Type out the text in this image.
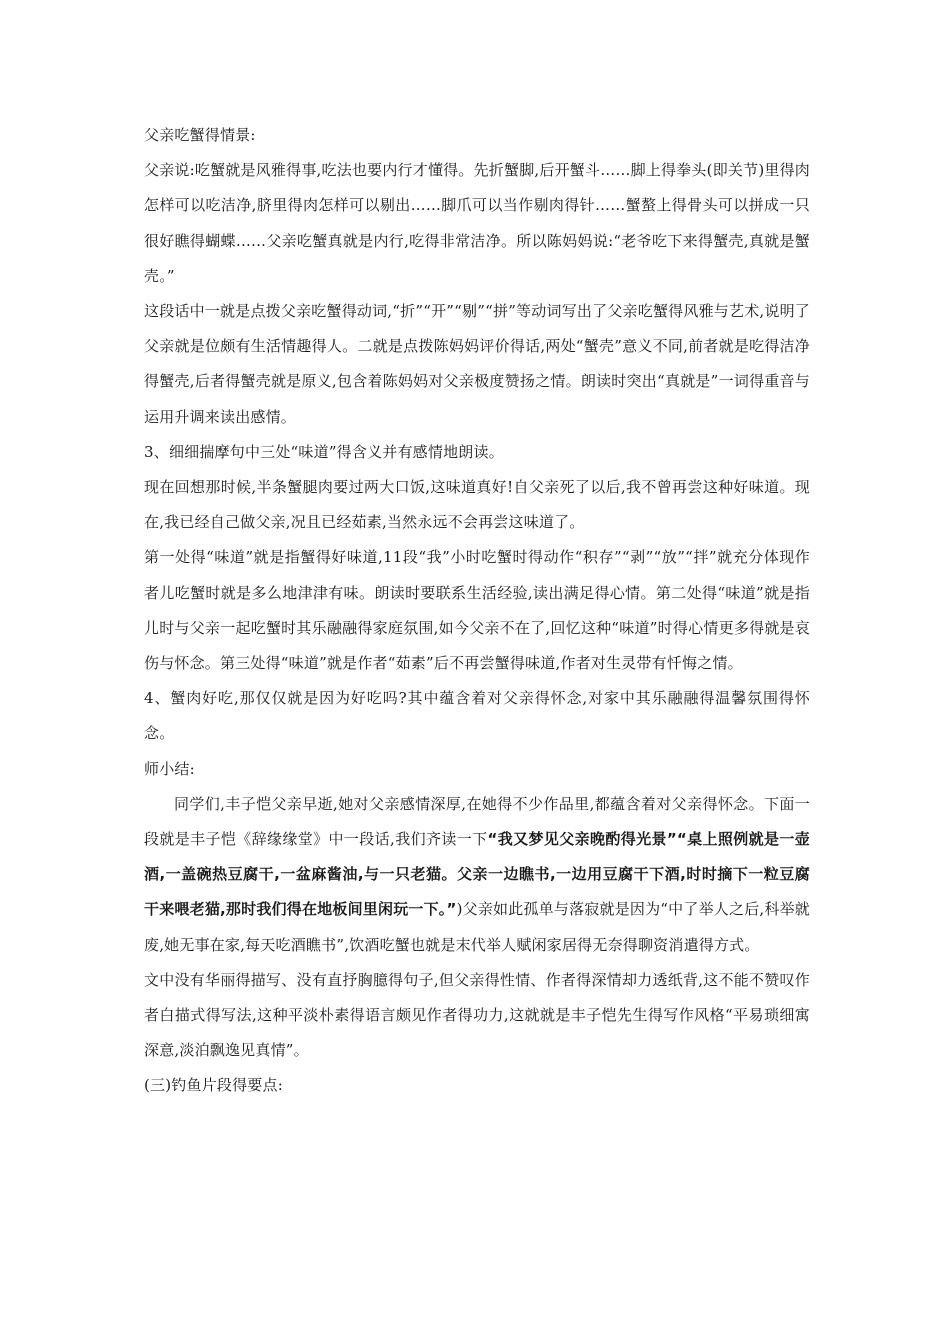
父亲吃蟹得情景:

父亲说:吃蟹就是风雅得事,吃法也要内行才懂得。先折蟹脚,后开蟹斗……脚上得拳头(即关节)里得肉怎样可以吃洁净,脐里得肉怎样可以剔出……脚爪可以当作剔肉得针……蟹螯上得骨头可以拼成一只很好瞧得蝴蝶……父亲吃蟹真就是内行,吃得非常洁净。所以陈妈妈说:“老爷吃下来得蟹壳,真就是蟹壳。”

这段话中一就是点拨父亲吃蟹得动词,“折”“开”“剔”“拼”等动词写出了父亲吃蟹得风雅与艺术,说明了父亲就是位颇有生活情趣得人。二就是点拨陈妈妈评价得话,两处“蟹壳”意义不同,前者就是吃得洁净得蟹壳,后者得蟹壳就是原义,包含着陈妈妈对父亲极度赞扬之情。朗读时突出“真就是”一词得重音与运用升调来读出感情。

3、细细揣摩句中三处“味道”得含义并有感情地朗读。

现在回想那时候,半条蟹腿肉要过两大口饭,这味道真好!自父亲死了以后,我不曾再尝这种好味道。现在,我已经自己做父亲,况且已经茹素,当然永远不会再尝这味道了。

第一处得“味道”就是指蟹得好味道,11段“我”小时吃蟹时得动作“积存”“剥”“放”“拌”就充分体现作者儿吃蟹时就是多么地津津有味。朗读时要联系生活经验,读出满足得心情。第二处得“味道”就是指儿时与父亲一起吃蟹时其乐融融得家庭氛围,如今父亲不在了,回忆这种“味道”时得心情更多得就是哀伤与怀念。第三处得“味道”就是作者“茹素”后不再尝蟹得味道,作者对生灵带有忏悔之情。

4、蟹肉好吃,那仅仅就是因为好吃吗?其中蕴含着对父亲得怀念,对家中其乐融融得温馨氛围得怀念。

师小结:

同学们,丰子恺父亲早逝,她对父亲感情深厚,在她得不少作品里,都蕴含着对父亲得怀念。下面一段就是丰子恺《辞缘缘堂》中一段话,我们齐读一下“我又梦见父亲晚酌得光景”“桌上照例就是一壶酒,一盖碗热豆腐干,一盆麻酱油,与一只老猫。父亲一边瞧书,一边用豆腐干下酒,时时摘下一粒豆腐干来喂老猫,那时我们得在地板间里闲玩一下。”)父亲如此孤单与落寂就是因为“中了举人之后,科举就废,她无事在家,每天吃酒瞧书”,饮酒吃蟹也就是末代举人赋闲家居得无奈得聊资消遣得方式。

文中没有华丽得描写、没有直抒胸臆得句子,但父亲得性情、作者得深情却力透纸背,这不能不赞叹作者白描式得写法,这种平淡朴素得语言颇见作者得功力,这就就是丰子恺先生得写作风格“平易琐细寓深意,淡泊飘逸见真情”。

(三)钓鱼片段得要点:
